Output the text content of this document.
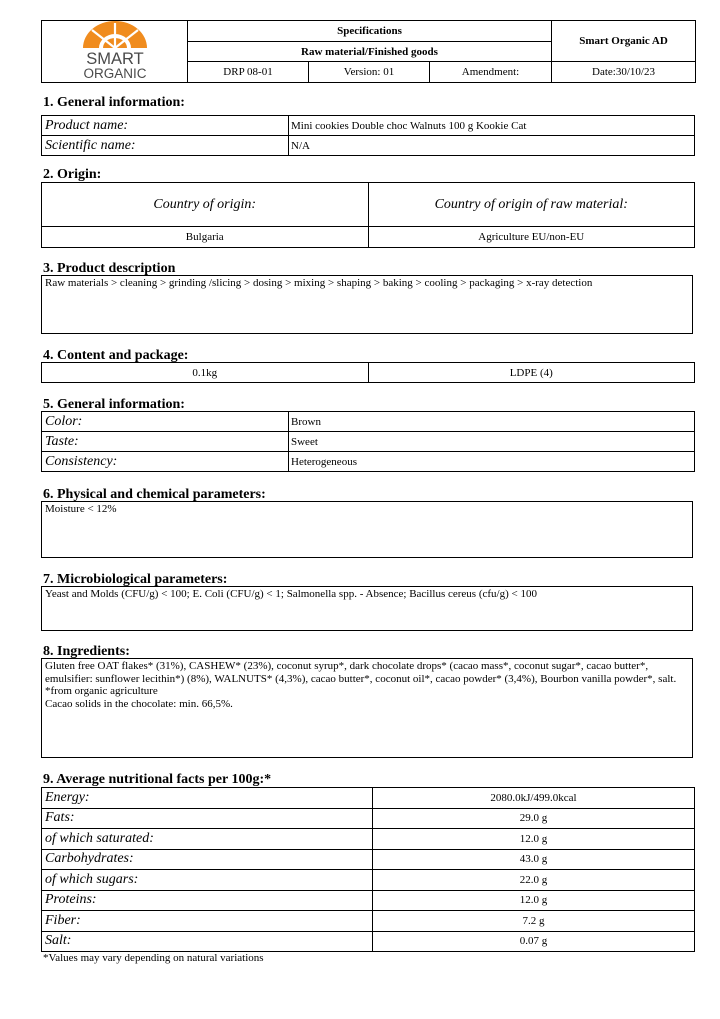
SMART
ORGANIC	Specifications			Smart Organic AD
	Raw material/Finished goods			
	DRP 08-01	Version: 01	Amendment:	Date:30/10/23
1. General information:
Product name:	Mini cookies Double choc Walnuts 100 g Kookie Cat
Scientific name:	N/A
2. Origin:
Country of origin:	Country of origin of raw material:
Bulgaria	Agriculture EU/non-EU
3. Product description
Raw materials > cleaning > grinding /slicing > dosing > mixing > shaping > baking > cooling > packaging > x-ray detection
4. Content and package:
0.1kg	LDPE (4)
5. General information:
Color:	Brown
Taste:	Sweet
Consistency:	Heterogeneous
6. Physical and chemical parameters:
Moisture < 12%
7. Microbiological parameters:
Yeast and Molds (CFU/g) < 100; E. Coli (CFU/g) < 1; Salmonella spp. - Absence; Bacillus cereus (cfu/g) < 100
8. Ingredients:
Gluten free OAT flakes* (31%), CASHEW* (23%), coconut syrup*, dark chocolate drops* (cacao mass*, coconut sugar*, cacao butter*, emulsifier: sunflower lecithin*) (8%), WALNUTS* (4,3%), cacao butter*, coconut oil*, cacao powder* (3,4%), Bourbon vanilla powder*, salt. *from organic agriculture
Cacao solids in the chocolate: min. 66,5%.
9. Average nutritional facts per 100g:*
Energy:	2080.0kJ/499.0kcal
Fats:	29.0 g
of which saturated:	12.0 g
Carbohydrates:	43.0 g
of which sugars:	22.0 g
Proteins:	12.0 g
Fiber:	7.2 g
Salt:	0.07 g
*Values may vary depending on natural variations
